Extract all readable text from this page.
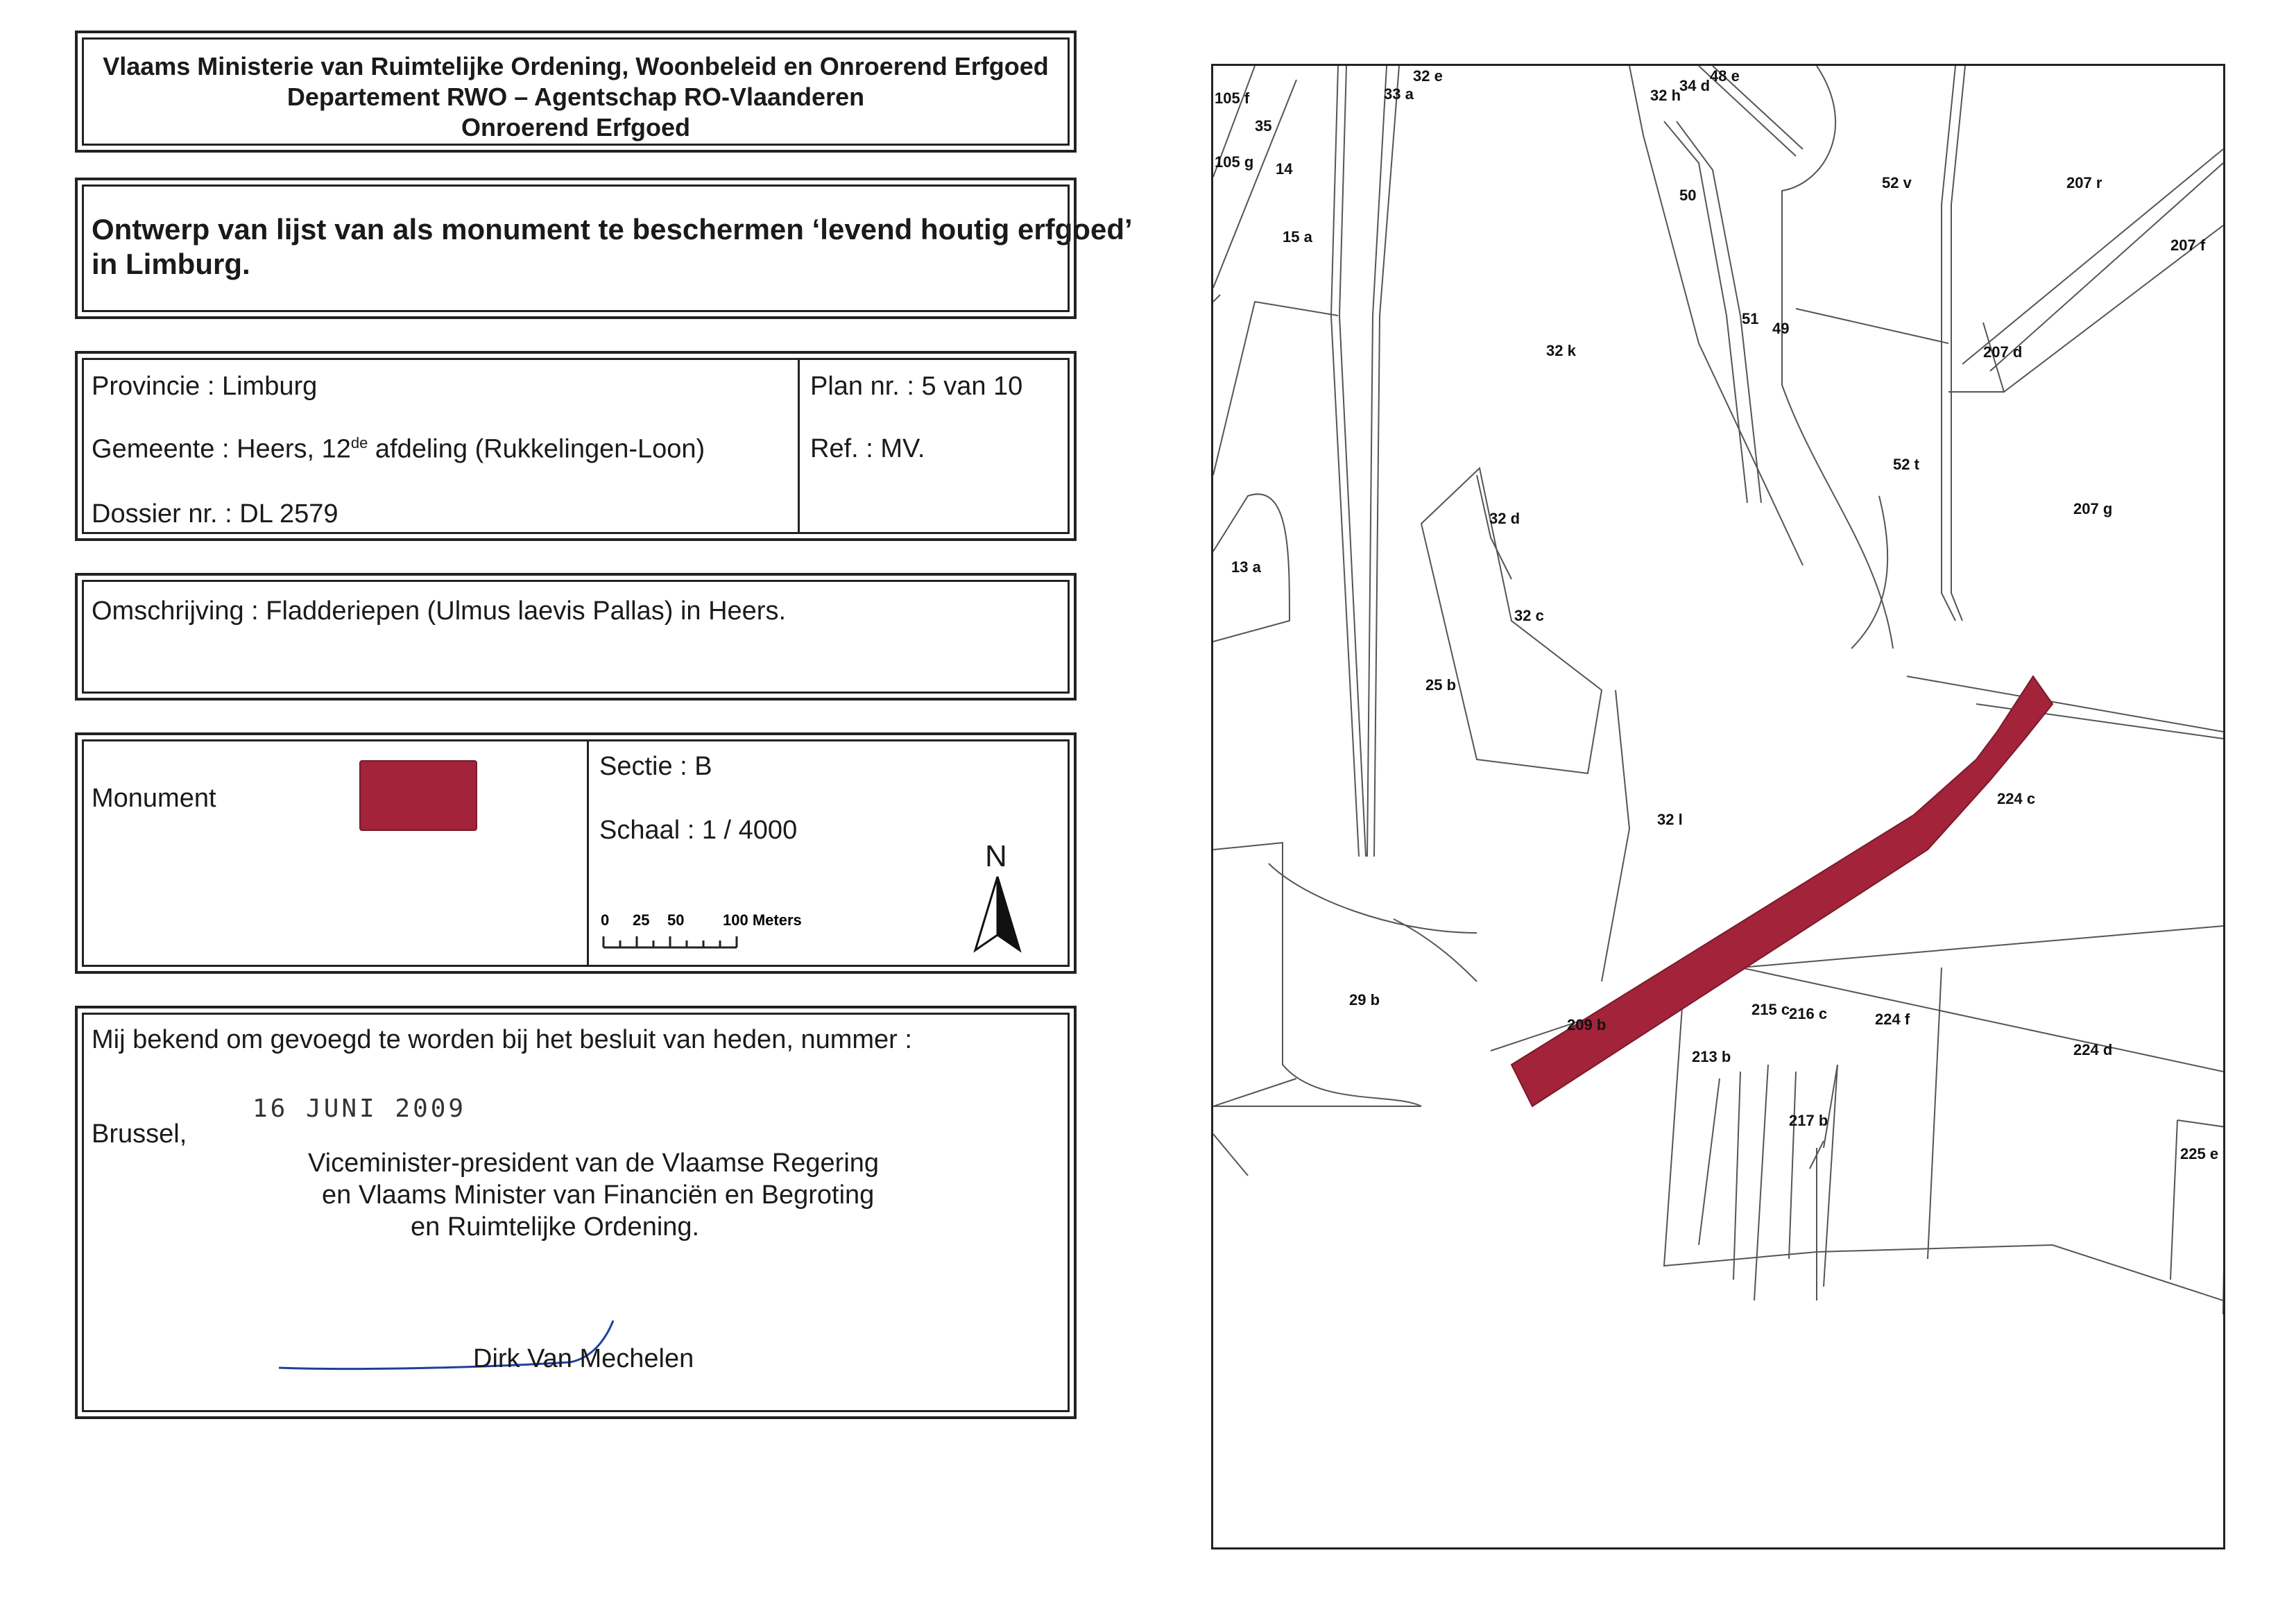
Vlaams Ministerie van Ruimtelijke Ordening, Woonbeleid en Onroerend Erfgoed
Departement RWO – Agentschap RO-Vlaanderen
Onroerend Erfgoed
Ontwerp van lijst van als monument te beschermen ‘levend houtig erfgoed’
in Limburg.
Provincie : Limburg
Gemeente : Heers, 12de afdeling (Rukkelingen-Loon)
Dossier nr. : DL 2579
Plan nr. : 5 van 10
Ref. : MV.
Omschrijving : Fladderiepen (Ulmus laevis Pallas) in Heers.
Monument
Sectie : B
Schaal : 1 / 4000
0 25 50	100 Meters
N
Mij bekend om gevoegd te worden bij het besluit van heden, nummer :
16 JUNI 2009
Brussel,
Viceminister-president van de Vlaamse Regering
en Vlaams Minister van Financiën en Begroting
en Ruimtelijke Ordening.
Dirk Van Mechelen
105 f
35
32 e
33 a	32 h
34 d
48 e
105 g 14
50
52 v	207 r
15 a	207 f
51
49
32 k	207 d
52 t
32 d
207 g
13 a
32 c
25 b
224 c
32 l
29 b
209 b
215 c
216 c	224 f
213 b	224 d
217 b
225 e
